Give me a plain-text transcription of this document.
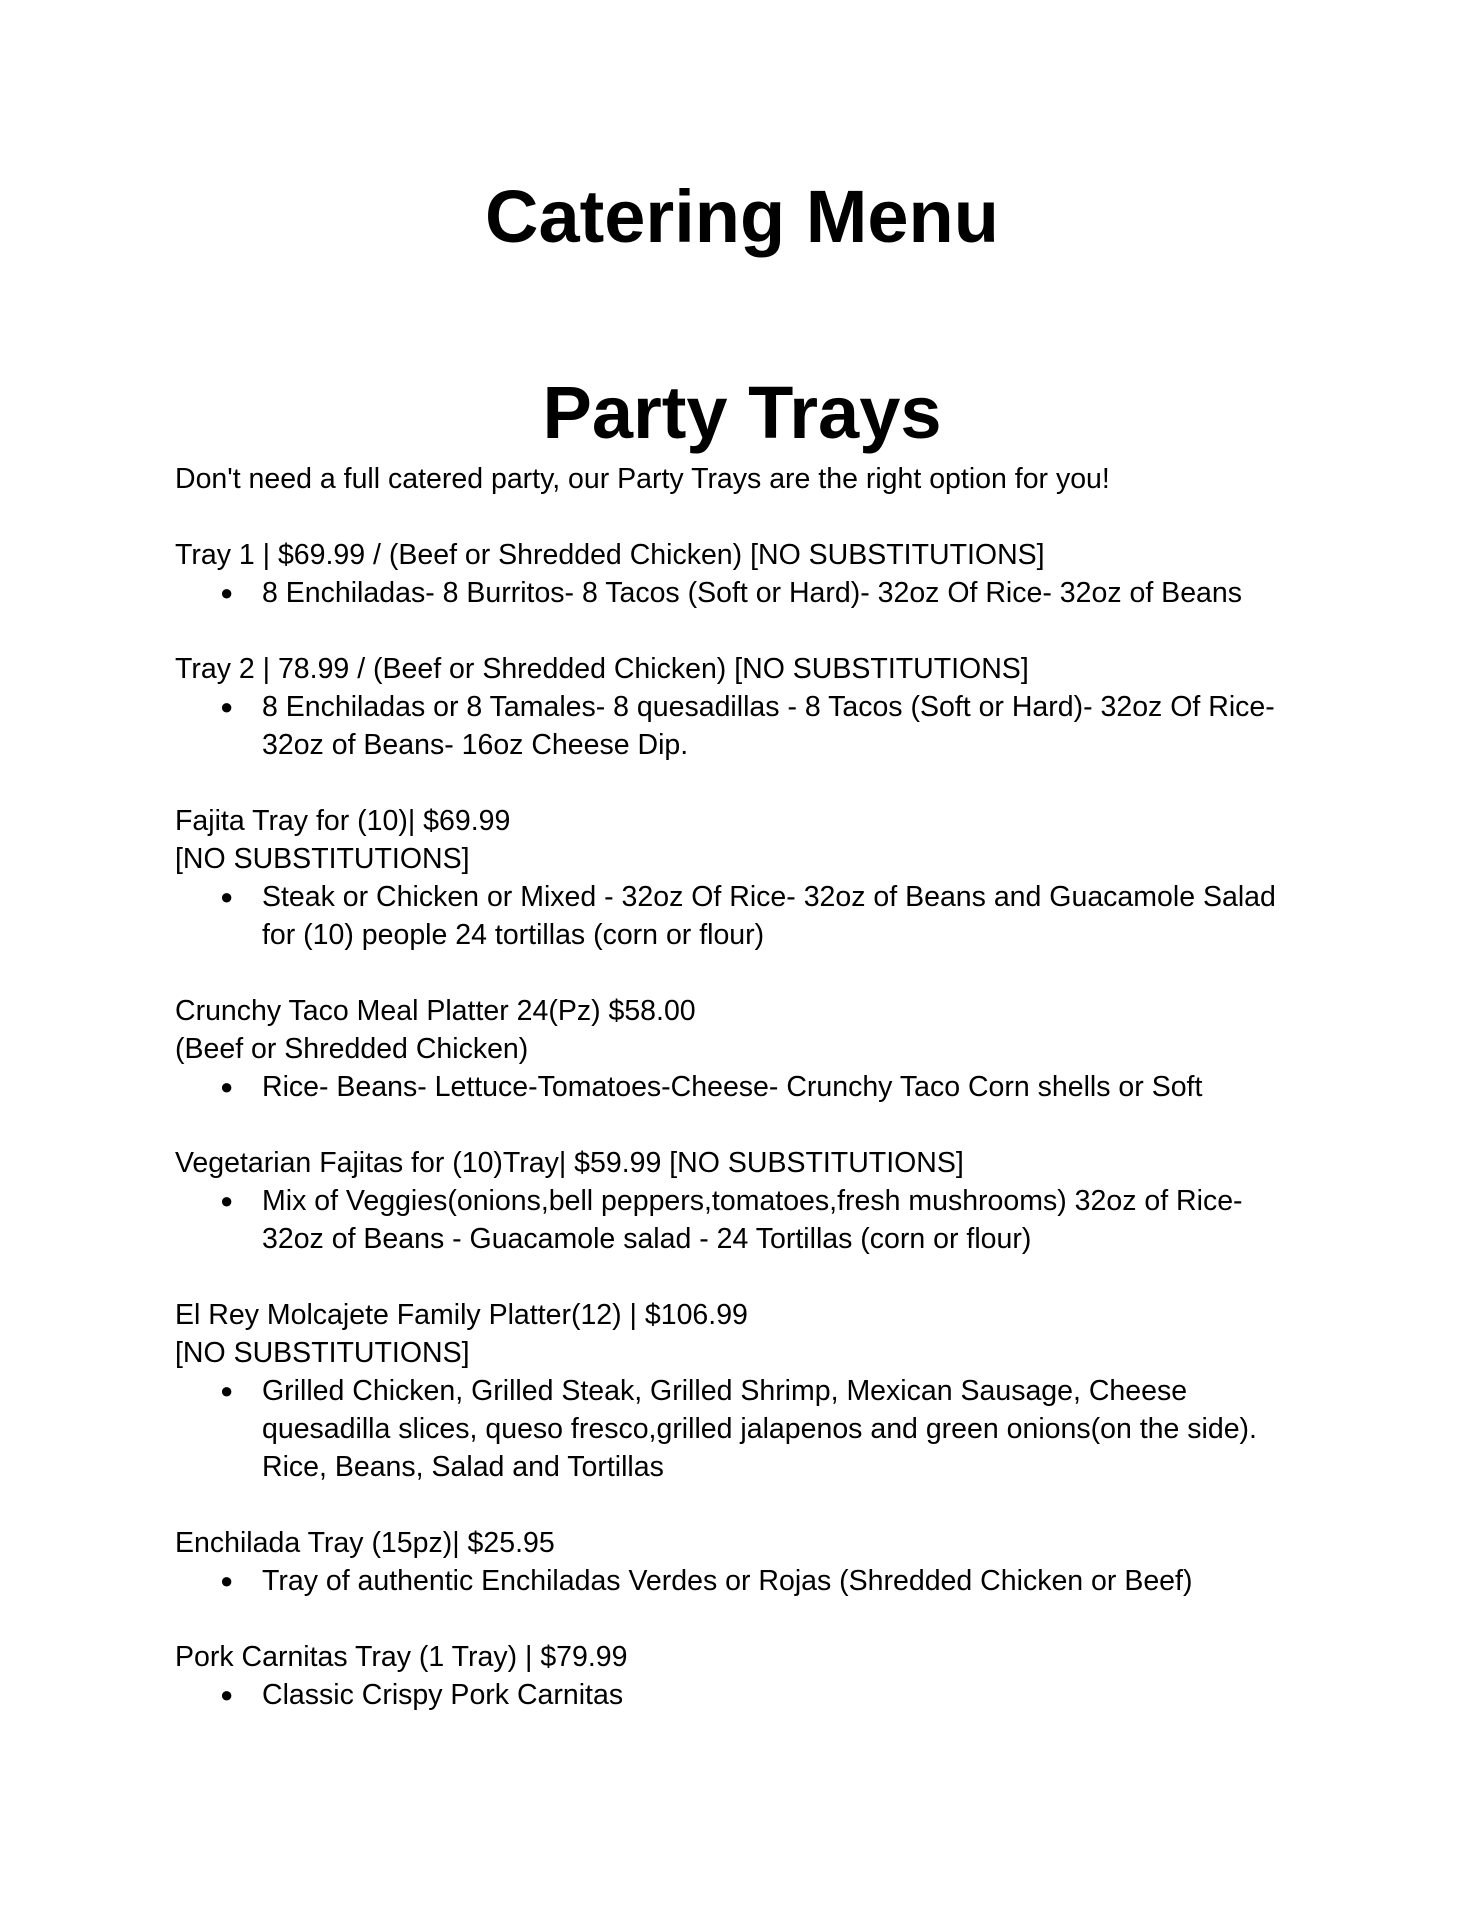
Catering Menu
Party Trays

Don't need a full catered party, our Party Trays are the right option for you!

Tray 1 | $69.99 / (Beef or Shredded Chicken) [NO SUBSTITUTIONS]

● 8 Enchiladas- 8 Burritos- 8 Tacos (Soft or Hard)- 32oz Of Rice- 32oz of Beans

Tray 2 | 78.99 / (Beef or Shredded Chicken) [NO SUBSTITUTIONS]

● 8 Enchiladas or 8 Tamales- 8 quesadillas - 8 Tacos (Soft or Hard)- 32oz Of Rice-
32oz of Beans- 16oz Cheese Dip.

Fajita Tray for (10)| $69.99

[NO SUBSTITUTIONS]

● Steak or Chicken or Mixed - 32oz Of Rice- 32oz of Beans and Guacamole Salad
for (10) people 24 tortillas (corn or flour)

Crunchy Taco Meal Platter 24(Pz) $58.00

(Beef or Shredded Chicken)

● Rice- Beans- Lettuce-Tomatoes-Cheese- Crunchy Taco Corn shells or Soft

Vegetarian Fajitas for (10)Tray| $59.99 [NO SUBSTITUTIONS]

● Mix of Veggies(onions,bell peppers,tomatoes,fresh mushrooms) 32oz of Rice-
32oz of Beans - Guacamole salad - 24 Tortillas (corn or flour)

El Rey Molcajete Family Platter(12) | $106.99

[NO SUBSTITUTIONS]

● Grilled Chicken, Grilled Steak, Grilled Shrimp, Mexican Sausage, Cheese
quesadilla slices, queso fresco,grilled jalapenos and green onions(on the side).
Rice, Beans, Salad and Tortillas

Enchilada Tray (15pz)| $25.95

● Tray of authentic Enchiladas Verdes or Rojas (Shredded Chicken or Beef)

Pork Carnitas Tray (1 Tray) | $79.99

● Classic Crispy Pork Carnitas
